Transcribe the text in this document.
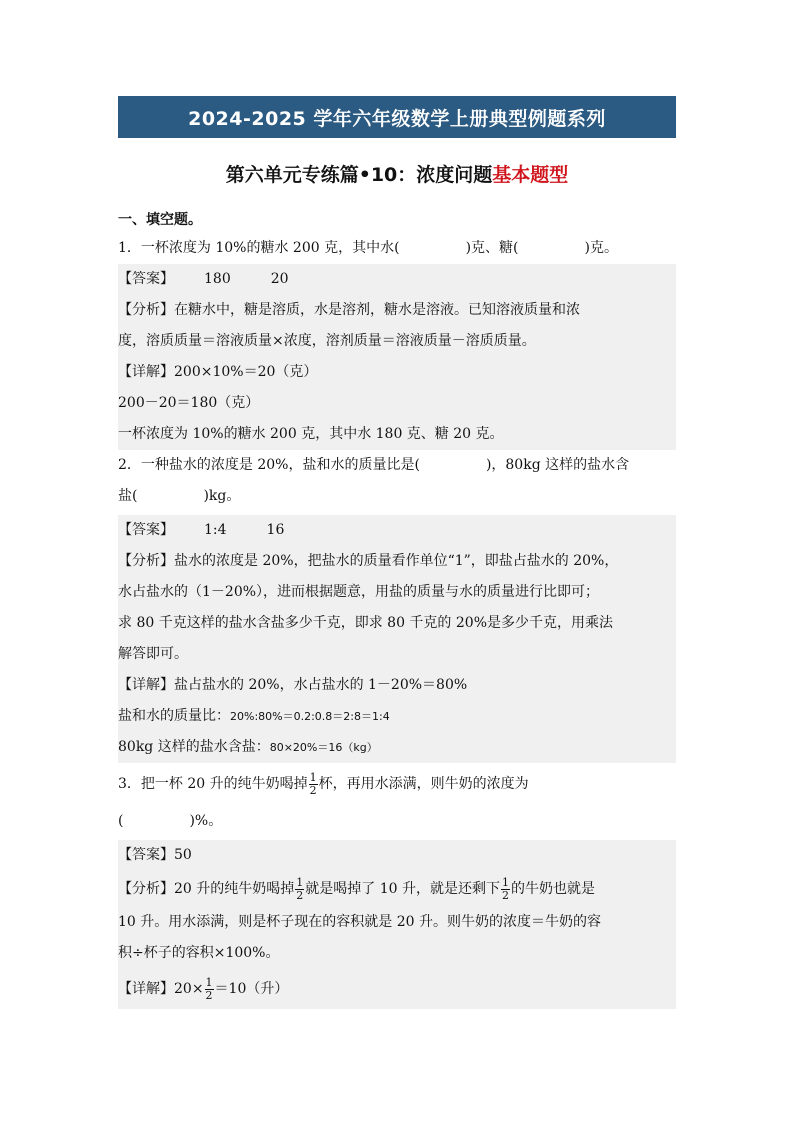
2024-2025 学年六年级数学上册典型例题系列
第六单元专练篇•10：浓度问题基本题型
一、填空题。
1．一杯浓度为 10%的糖水 200 克，其中水(	)克、糖(	)克。
【答案】 180	20
【分析】在糖水中，糖是溶质，水是溶剂，糖水是溶液。已知溶液质量和浓
度，溶质质量＝溶液质量×浓度，溶剂质量＝溶液质量－溶质质量。
【详解】200×10%＝20（克）
200－20＝180（克）
一杯浓度为 10%的糖水 200 克，其中水 180 克、糖 20 克。
2．一种盐水的浓度是 20%，盐和水的质量比是(	)，80kg 这样的盐水含
盐(	)kg。
【答案】 1:4	16
【分析】盐水的浓度是 20%，把盐水的质量看作单位“1”，即盐占盐水的 20%，
水占盐水的（1－20%），进而根据题意，用盐的质量与水的质量进行比即可；
求 80 千克这样的盐水含盐多少千克，即求 80 千克的 20%是多少千克，用乘法
解答即可。
【详解】盐占盐水的 20%，水占盐水的 1－20%＝80%
盐和水的质量比：20%:80%＝0.2:0.8＝2:8＝1:4
80kg 这样的盐水含盐：80×20%＝16（kg）
3．把一杯 20 升的纯牛奶喝掉 $\frac{1}{2}$ 杯，再用水添满，则牛奶的浓度为
(	)%。
【答案】50
【分析】20 升的纯牛奶喝掉 $\frac{1}{2}$ 就是喝掉了 10 升，就是还剩下 $\frac{1}{2}$ 的牛奶也就是
10 升。用水添满，则是杯子现在的容积就是 20 升。则牛奶的浓度＝牛奶的容
积÷杯子的容积×100%。
【详解】$20\times \frac{1}{2} =10$（升）
